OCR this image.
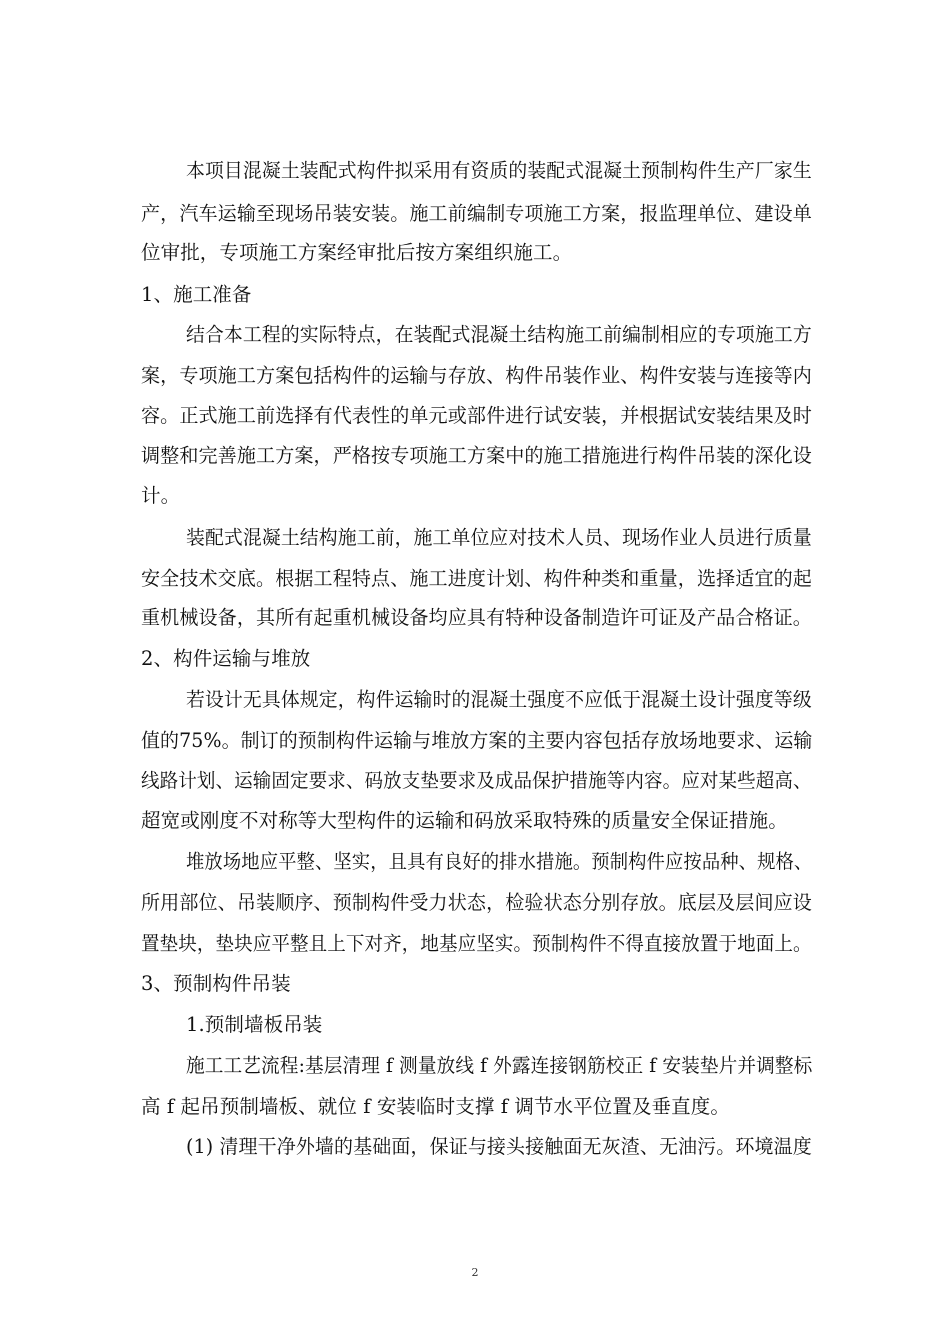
本项目混凝土装配式构件拟采用有资质的装配式混凝土预制构件生产厂家生

产，汽车运输至现场吊装安装。施工前编制专项施工方案，报监理单位、建设单

位审批，专项施工方案经审批后按方案组织施工。

1、施工准备

结合本工程的实际特点，在装配式混凝土结构施工前编制相应的专项施工方

案，专项施工方案包括构件的运输与存放、构件吊装作业、构件安装与连接等内

容。正式施工前选择有代表性的单元或部件进行试安装，并根据试安装结果及时

调整和完善施工方案，严格按专项施工方案中的施工措施进行构件吊装的深化设

计。

装配式混凝土结构施工前，施工单位应对技术人员、现场作业人员进行质量

安全技术交底。根据工程特点、施工进度计划、构件种类和重量，选择适宜的起

重机械设备，其所有起重机械设备均应具有特种设备制造许可证及产品合格证。

2、构件运输与堆放

若设计无具体规定，构件运输时的混凝土强度不应低于混凝土设计强度等级

值的75%。制订的预制构件运输与堆放方案的主要内容包括存放场地要求、运输

线路计划、运输固定要求、码放支垫要求及成品保护措施等内容。应对某些超高、

超宽或刚度不对称等大型构件的运输和码放采取特殊的质量安全保证措施。

堆放场地应平整、坚实，且具有良好的排水措施。预制构件应按品种、规格、

所用部位、吊装顺序、预制构件受力状态，检验状态分别存放。底层及层间应设

置垫块，垫块应平整且上下对齐，地基应坚实。预制构件不得直接放置于地面上。

3、预制构件吊装

1.预制墙板吊装

施工工艺流程:基层清理 f 测量放线 f 外露连接钢筋校正 f 安装垫片并调整标

高 f 起吊预制墙板、就位 f 安装临时支撑 f 调节水平位置及垂直度。

(1) 清理干净外墙的基础面，保证与接头接触面无灰渣、无油污。环境温度

2
